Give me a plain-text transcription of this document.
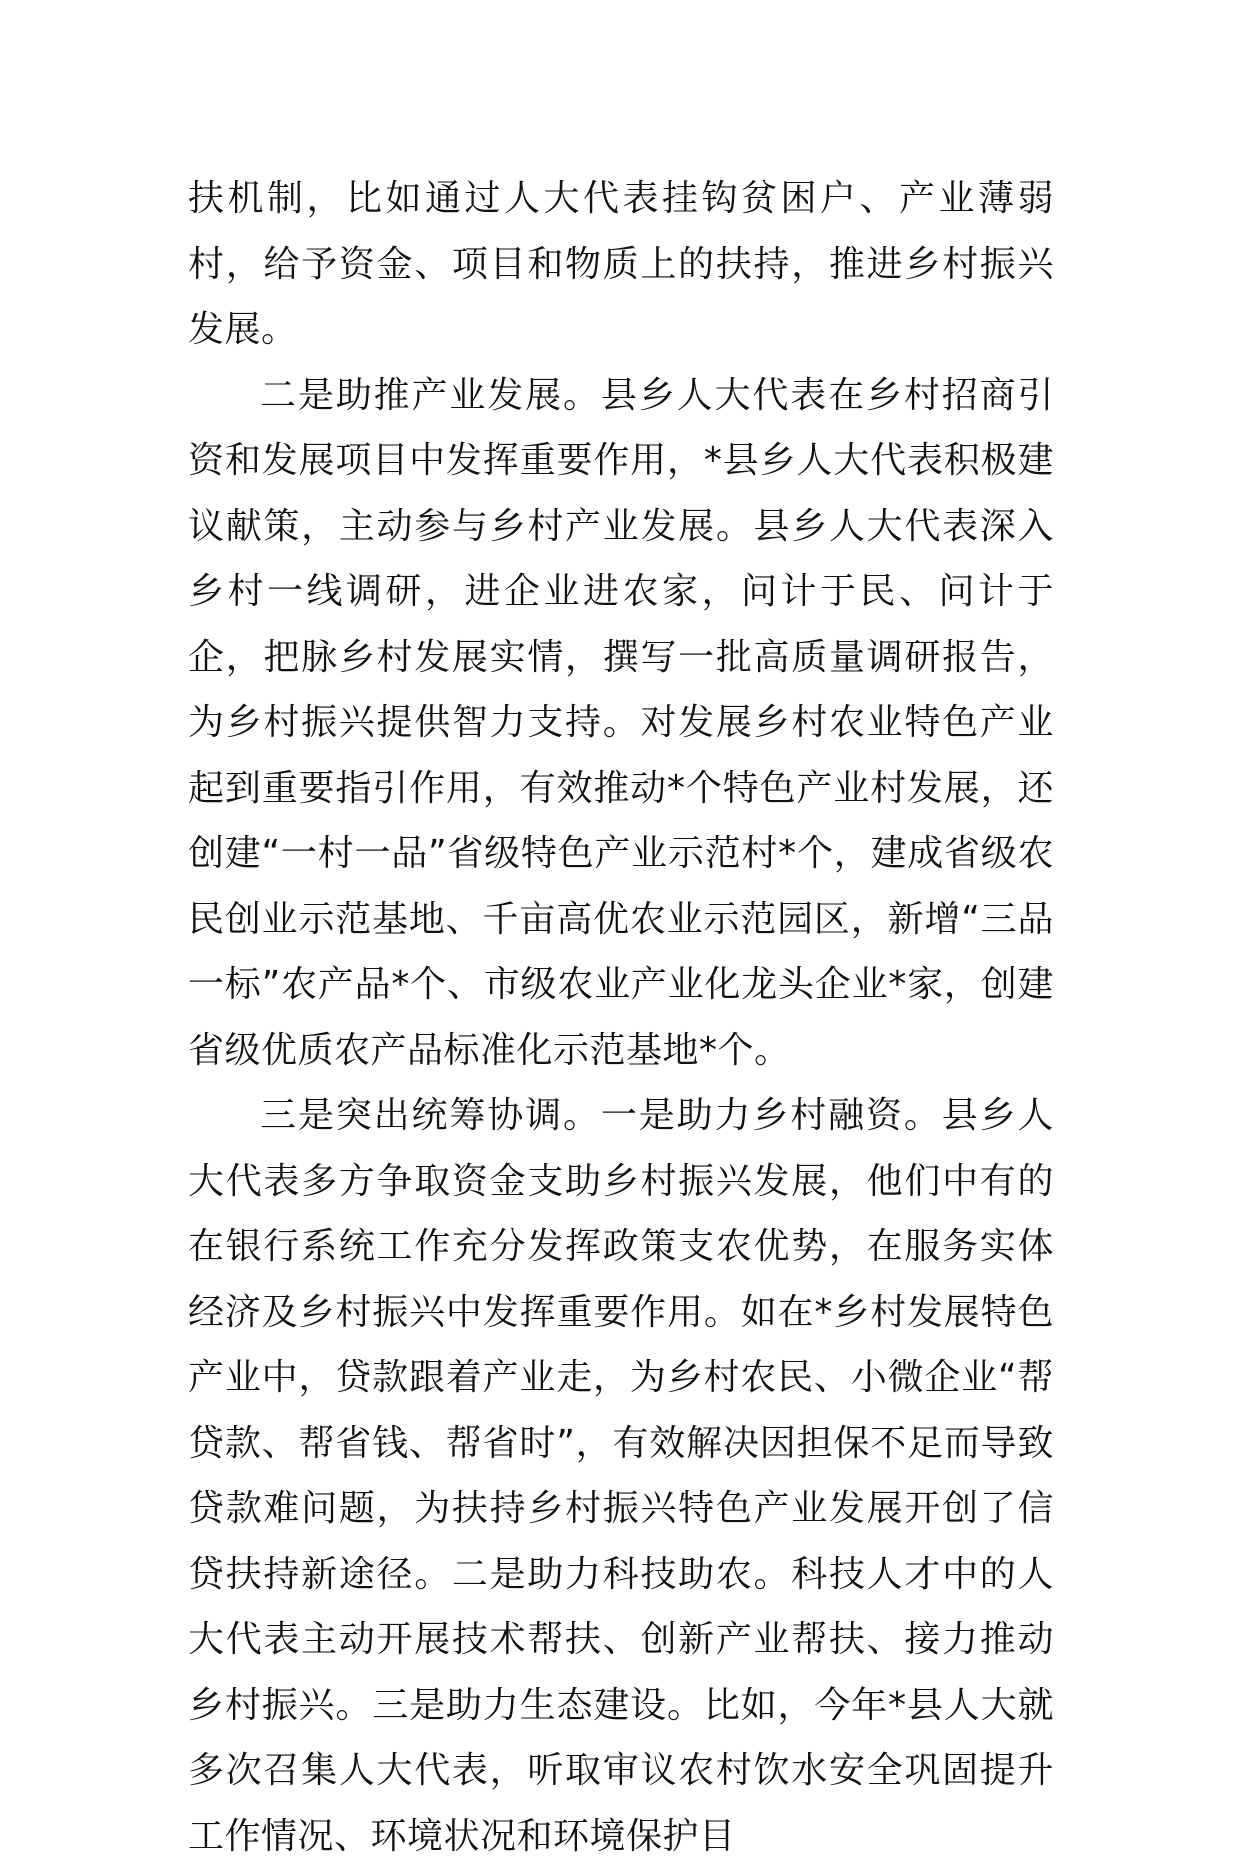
扶机制，比如通过人大代表挂钩贫困户、产业薄弱村，给予资金、项目和物质上的扶持，推进乡村振兴发展。

二是助推产业发展。县乡人大代表在乡村招商引资和发展项目中发挥重要作用，*县乡人大代表积极建议献策，主动参与乡村产业发展。县乡人大代表深入乡村一线调研，进企业进农家，问计于民、问计于企，把脉乡村发展实情，撰写一批高质量调研报告，为乡村振兴提供智力支持。对发展乡村农业特色产业起到重要指引作用，有效推动*个特色产业村发展，还创建“一村一品”省级特色产业示范村*个，建成省级农民创业示范基地、千亩高优农业示范园区，新增“三品一标”农产品*个、市级农业产业化龙头企业*家，创建省级优质农产品标准化示范基地*个。

三是突出统筹协调。一是助力乡村融资。县乡人大代表多方争取资金支助乡村振兴发展，他们中有的在银行系统工作充分发挥政策支农优势，在服务实体经济及乡村振兴中发挥重要作用。如在*乡村发展特色产业中，贷款跟着产业走，为乡村农民、小微企业“帮贷款、帮省钱、帮省时”，有效解决因担保不足而导致贷款难问题，为扶持乡村振兴特色产业发展开创了信贷扶持新途径。二是助力科技助农。科技人才中的人大代表主动开展技术帮扶、创新产业帮扶、接力推动乡村振兴。三是助力生态建设。比如，今年*县人大就多次召集人大代表，听取审议农村饮水安全巩固提升工作情况、环境状况和环境保护目
